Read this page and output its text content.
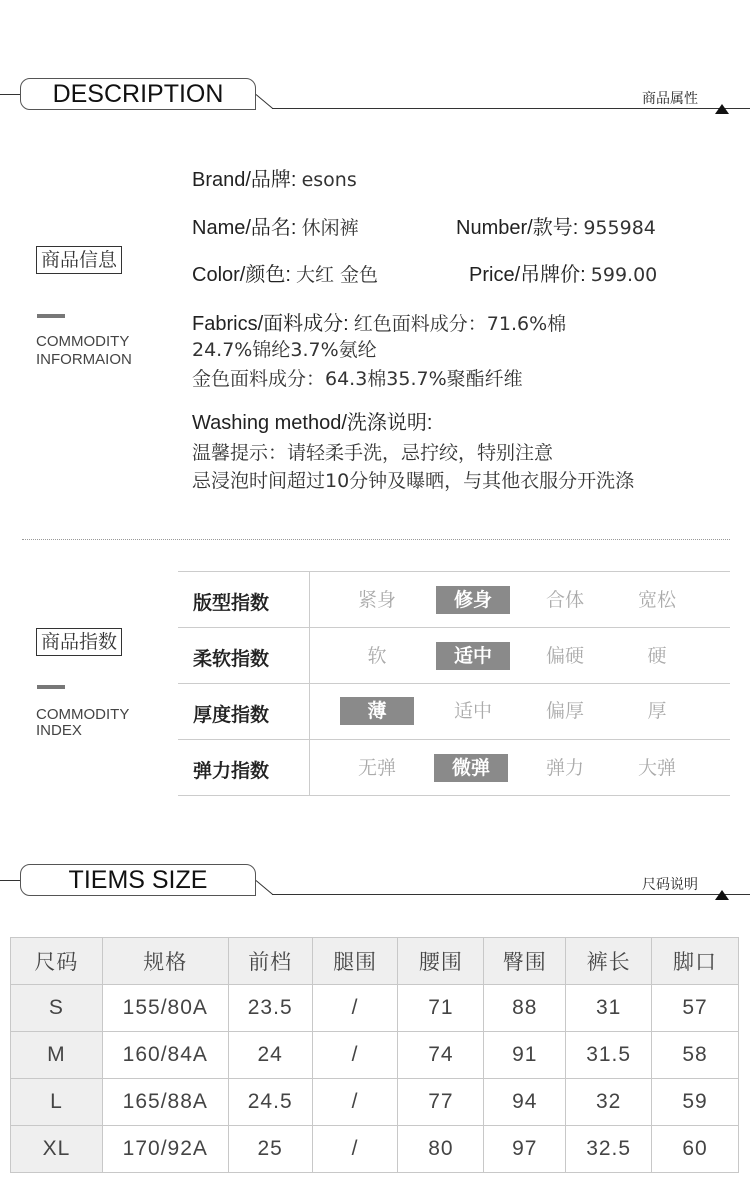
DESCRIPTION	商品属性
商品信息
COMMODITY
INFORMAION
Brand/品牌: esons
Name/品名: 休闲裤	Number/款号: 955984
Color/颜色: 大红 金色	Price/吊牌价: 599.00
Fabrics/面料成分: 红色面料成分：71.6%棉
24.7%锦纶3.7%氨纶
金色面料成分：64.3棉35.7%聚酯纤维
Washing method/洗涤说明:
温馨提示：请轻柔手洗，忌拧绞，特别注意
忌浸泡时间超过10分钟及曝晒，与其他衣服分开洗涤
商品指数
COMMODITY
INDEX
版型指数	紧身	修身	合体	宽松
柔软指数	软	适中	偏硬	硬
厚度指数	薄	适中	偏厚	厚
弹力指数	无弹	微弹	弹力	大弹
TIEMS SIZE	尺码说明
尺码	规格	前档	腿围	腰围	臀围	裤长	脚口
S	155/80A	23.5	/	71	88	31	57
M	160/84A	24	/	74	91	31.5	58
L	165/88A	24.5	/	77	94	32	59
XL	170/92A	25	/	80	97	32.5	60
